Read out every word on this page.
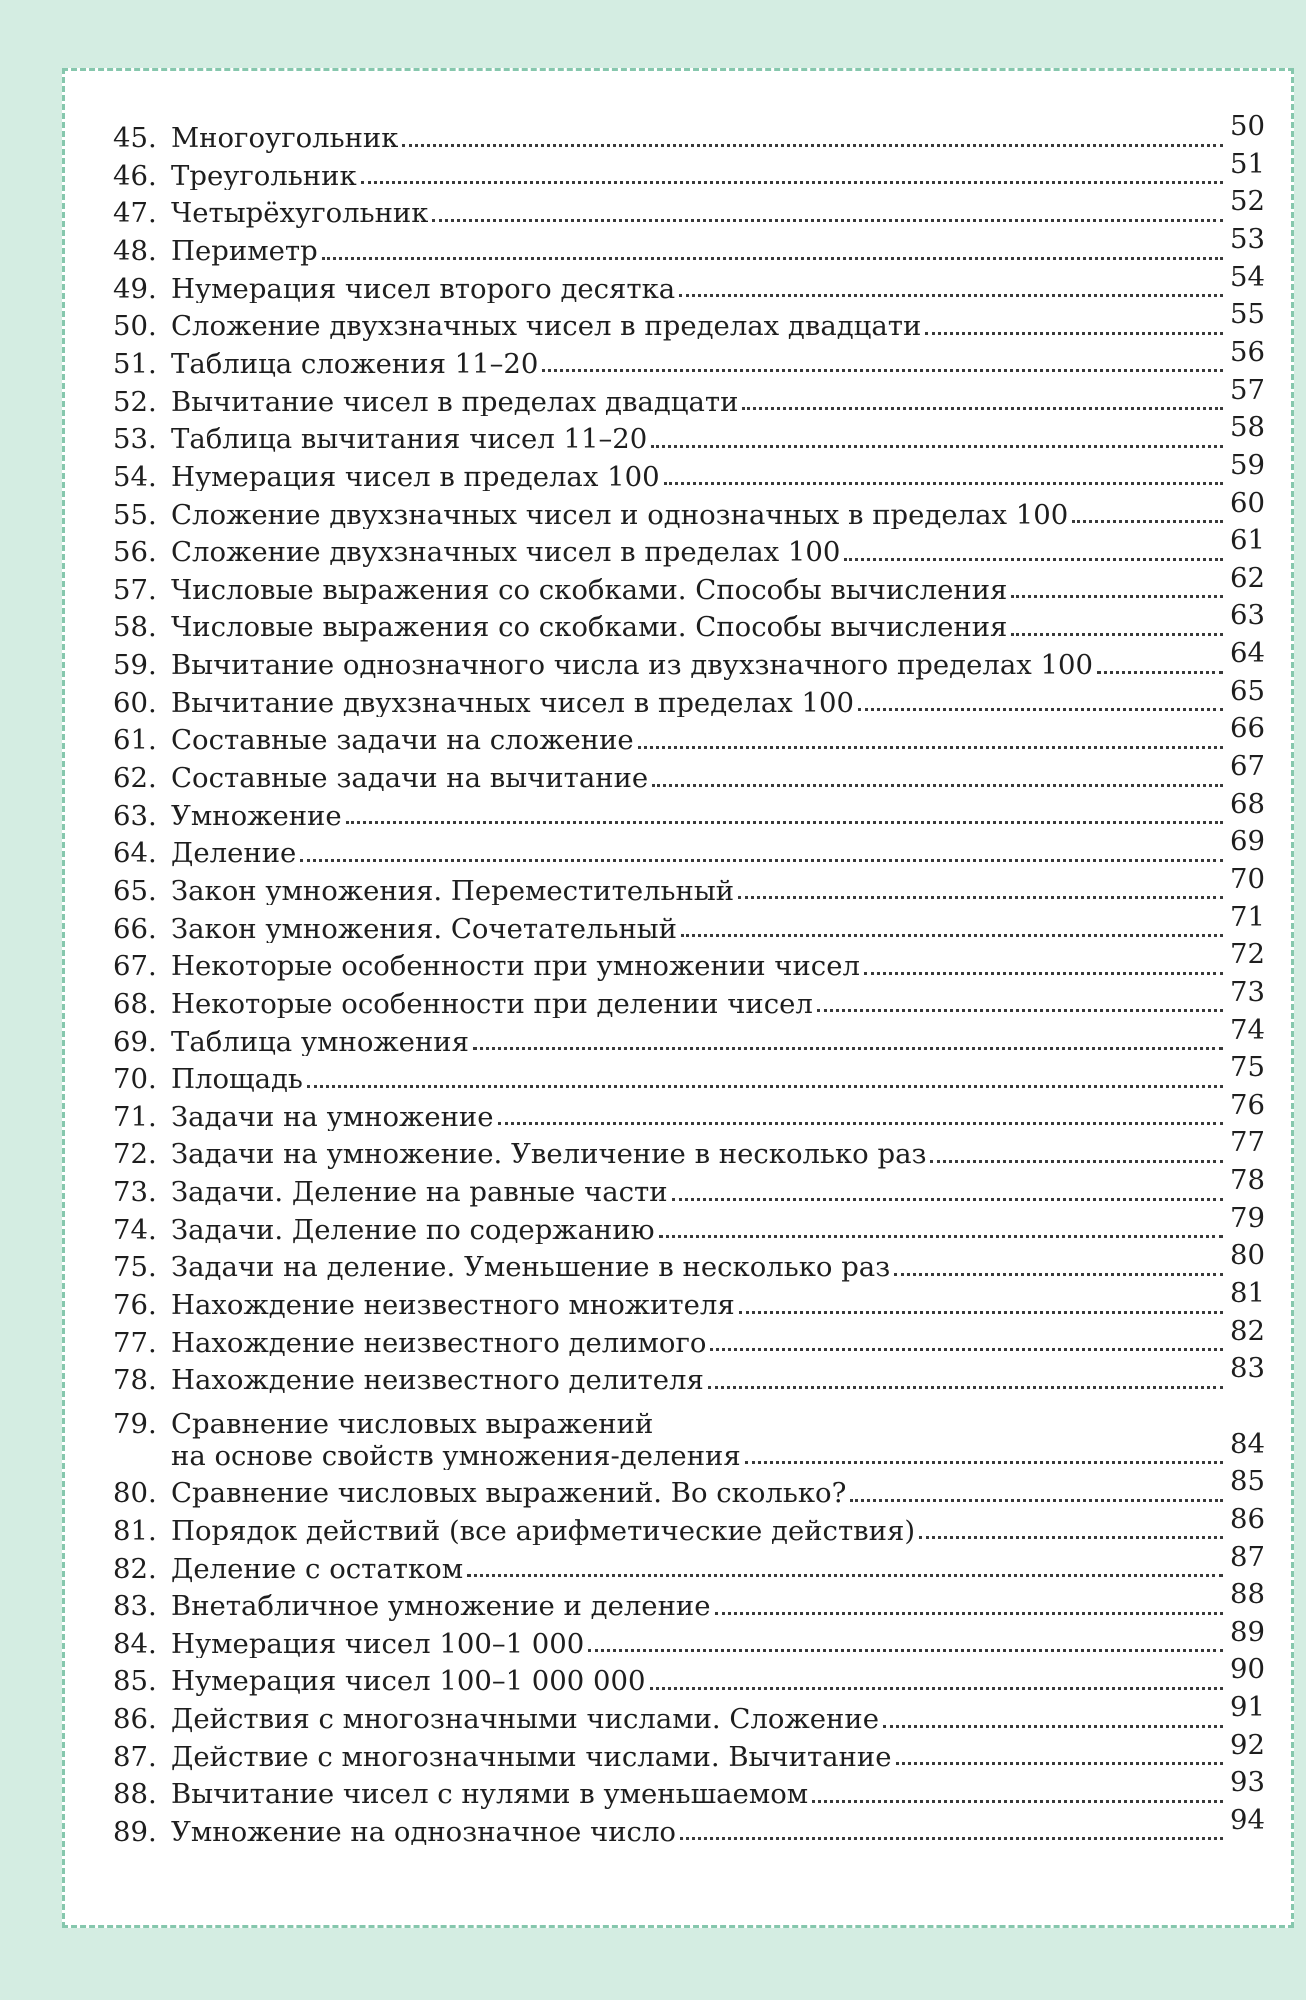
45. Многоугольник	50
46. Треугольник	51
47. Четырёхугольник	52
48. Периметр	53
49. Нумерация чисел второго десятка	54
50. Сложение двухзначных чисел в пределах двадцати	55
51. Таблица сложения 11–20	56
52. Вычитание чисел в пределах двадцати	57
53. Таблица вычитания чисел 11–20	58
54. Нумерация чисел в пределах 100	59
55. Сложение двухзначных чисел и однозначных в пределах 100	60
56. Сложение двухзначных чисел в пределах 100	61
57. Числовые выражения со скобками. Способы вычисления	62
58. Числовые выражения со скобками. Способы вычисления	63
59. Вычитание однозначного числа из двухзначного пределах 100	64
60. Вычитание двухзначных чисел в пределах 100	65
61. Составные задачи на сложение	66
62. Составные задачи на вычитание	67
63. Умножение	68
64. Деление	69
65. Закон умножения. Переместительный	70
66. Закон умножения. Сочетательный	71
67. Некоторые особенности при умножении чисел	72
68. Некоторые особенности при делении чисел	73
69. Таблица умножения	74
70. Площадь	75
71. Задачи на умножение	76
72. Задачи на умножение. Увеличение в несколько раз	77
73. Задачи. Деление на равные части	78
74. Задачи. Деление по содержанию	79
75. Задачи на деление. Уменьшение в несколько раз	80
76. Нахождение неизвестного множителя	81
77. Нахождение неизвестного делимого	82
78. Нахождение неизвестного делителя	83
79. Сравнение числовых выражений
на основе свойств умножения-деления	84
80. Сравнение числовых выражений. Во сколько?	85
81. Порядок действий (все арифметические действия)	86
82. Деление с остатком	87
83. Внетабличное умножение и деление	88
84. Нумерация чисел 100–1 000	89
85. Нумерация чисел 100–1 000 000	90
86. Действия с многозначными числами. Сложение	91
87. Действие с многозначными числами. Вычитание	92
88. Вычитание чисел с нулями в уменьшаемом	93
89. Умножение на однозначное число	94
